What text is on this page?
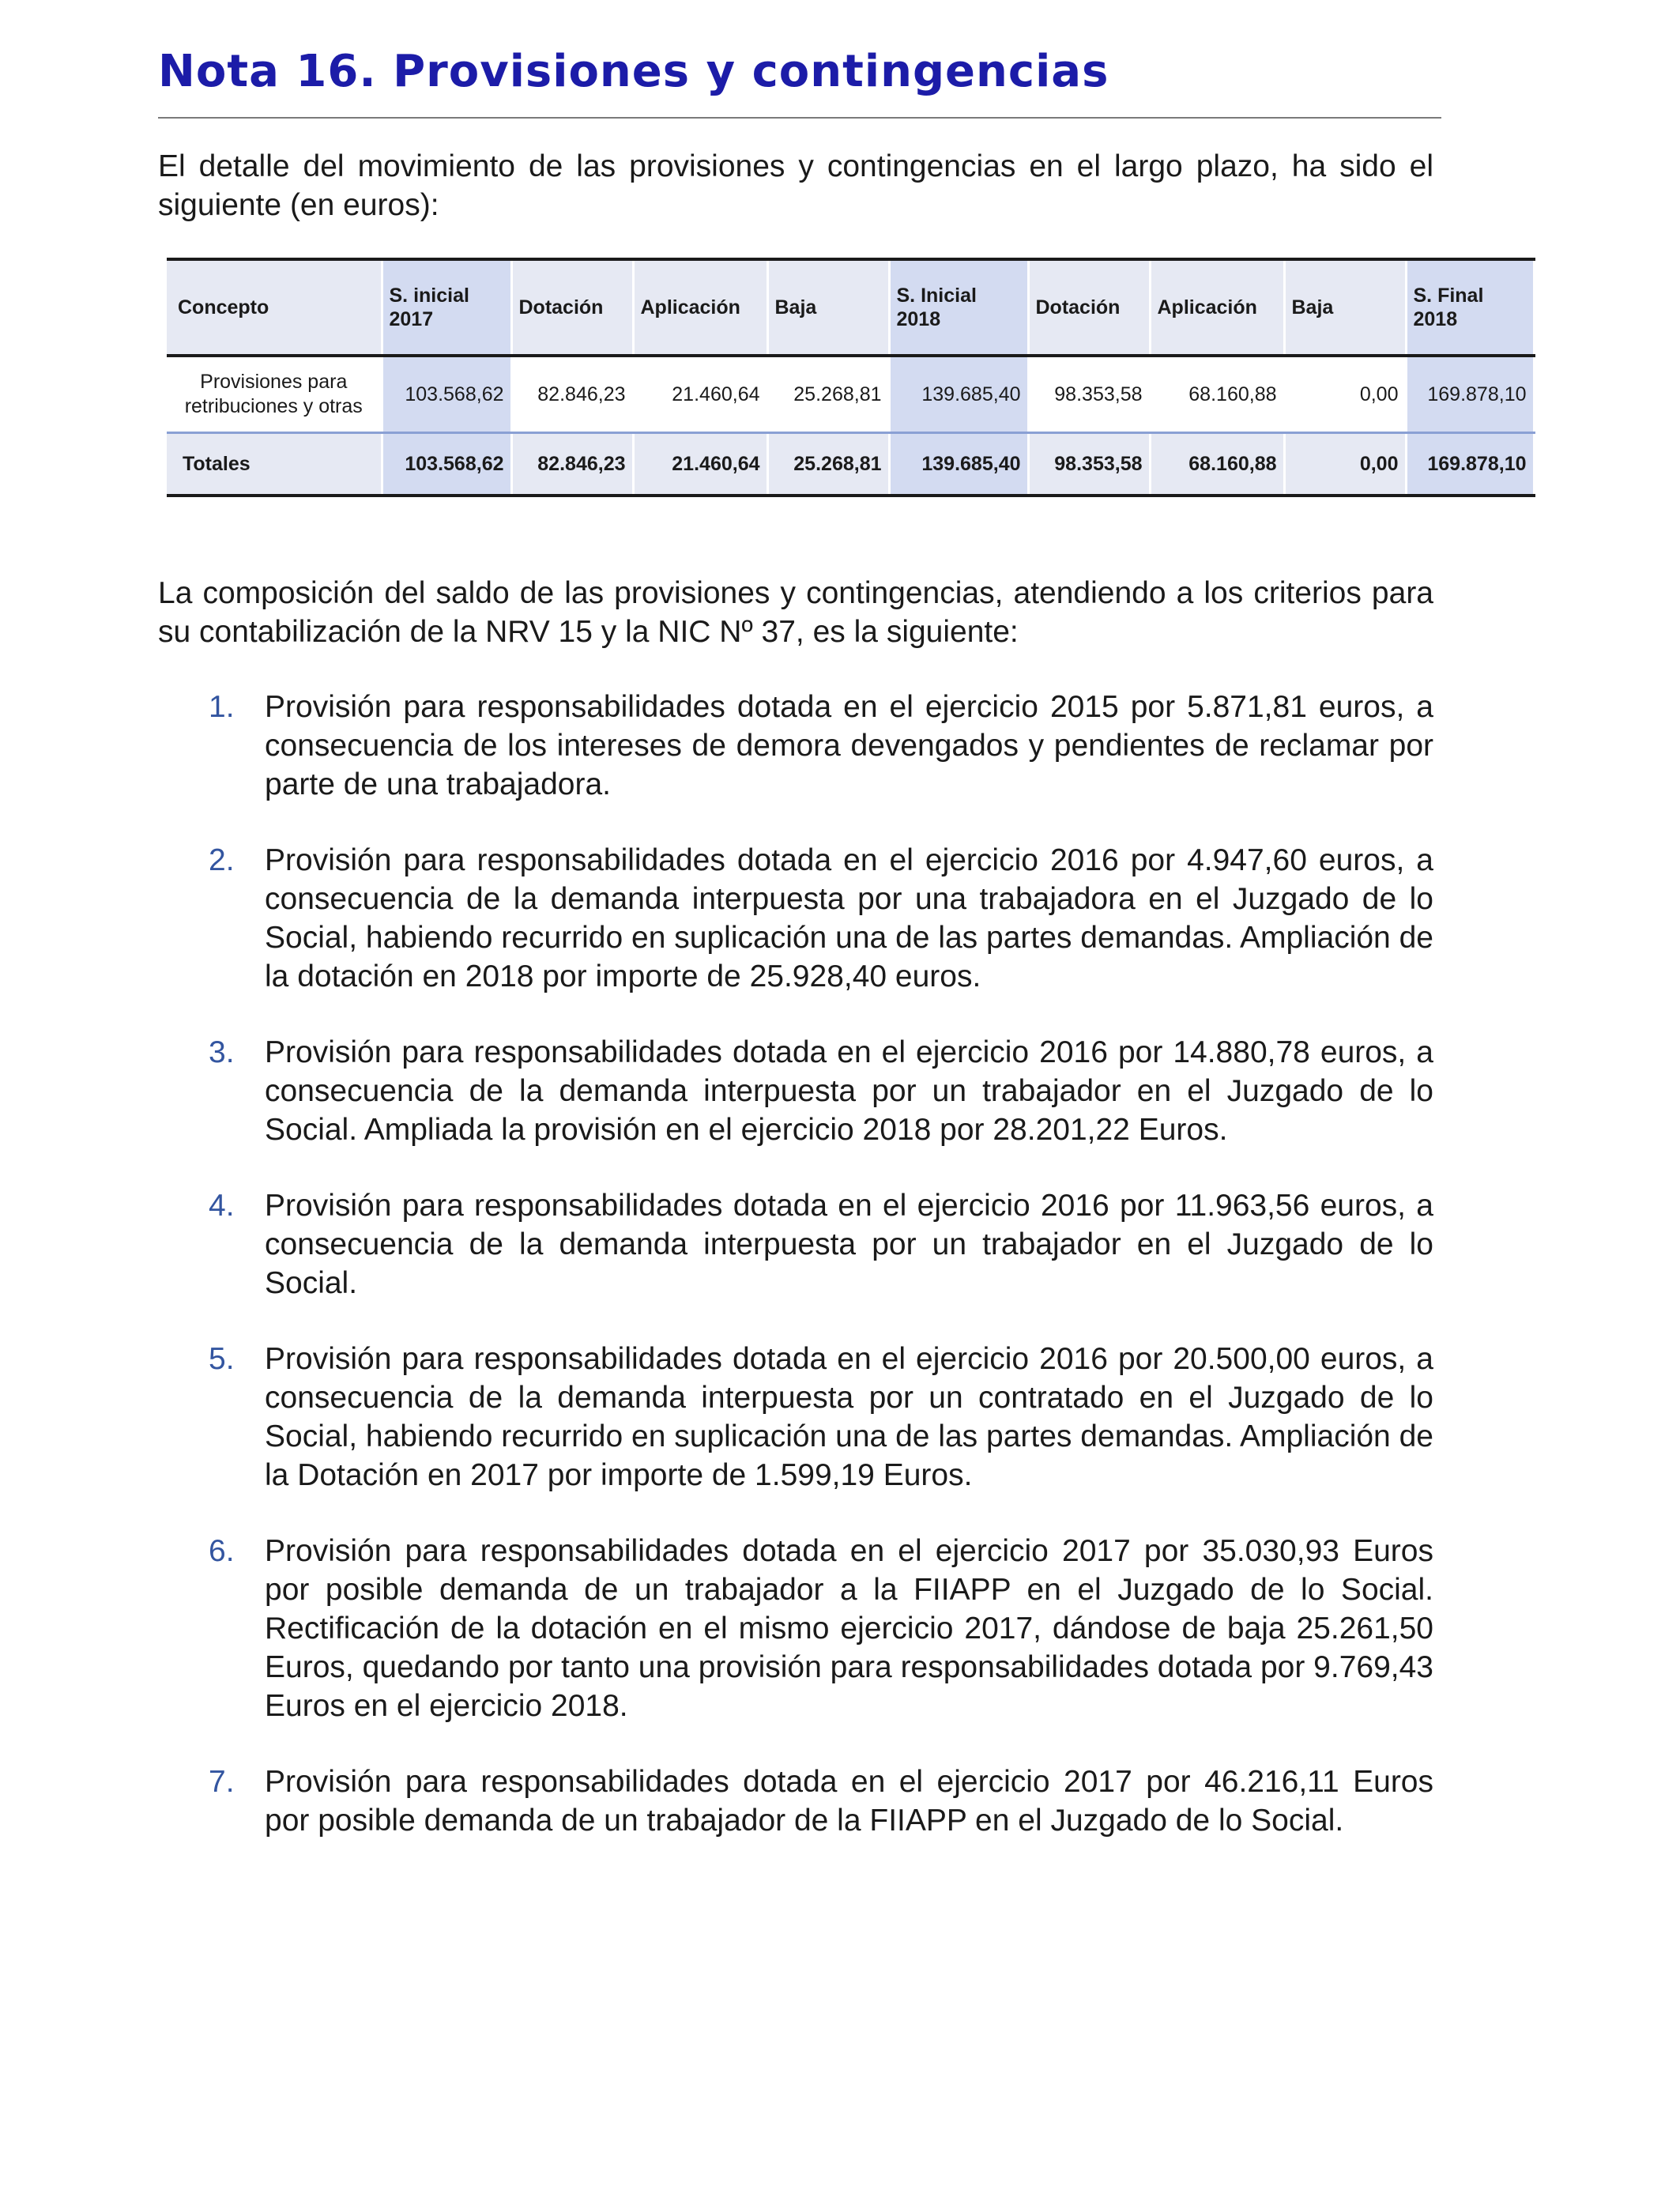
Nota 16. Provisiones y contingencias

El detalle del movimiento de las provisiones y contingencias en el largo plazo, ha sido el siguiente (en euros):

Concepto	S. inicial 2017	Dotación	Aplicación	Baja	S. Inicial 2018	Dotación	Aplicación	Baja	S. Final 2018
Provisiones para retribuciones y otras	103.568,62	82.846,23	21.460,64	25.268,81	139.685,40	98.353,58	68.160,88	0,00	169.878,10
Totales	103.568,62	82.846,23	21.460,64	25.268,81	139.685,40	98.353,58	68.160,88	0,00	169.878,10

La composición del saldo de las provisiones y contingencias, atendiendo a los criterios para su contabilización de la NRV 15 y la NIC Nº 37, es la siguiente:

1. Provisión para responsabilidades dotada en el ejercicio 2015 por 5.871,81 euros, a consecuencia de los intereses de demora devengados y pendientes de reclamar por parte de una trabajadora.
2. Provisión para responsabilidades dotada en el ejercicio 2016 por 4.947,60 euros, a consecuencia de la demanda interpuesta por una trabajadora en el Juzgado de lo Social, habiendo recurrido en suplicación una de las partes demandas. Ampliación de la dotación en 2018 por importe de 25.928,40 euros.
3. Provisión para responsabilidades dotada en el ejercicio 2016 por 14.880,78 euros, a consecuencia de la demanda interpuesta por un trabajador en el Juzgado de lo Social. Ampliada la provisión en el ejercicio 2018 por 28.201,22 Euros.
4. Provisión para responsabilidades dotada en el ejercicio 2016 por 11.963,56 euros, a consecuencia de la demanda interpuesta por un trabajador en el Juzgado de lo Social.
5. Provisión para responsabilidades dotada en el ejercicio 2016 por 20.500,00 euros, a consecuencia de la demanda interpuesta por un contratado en el Juzgado de lo Social, habiendo recurrido en suplicación una de las partes demandas. Ampliación de la Dotación en 2017 por importe de 1.599,19 Euros.
6. Provisión para responsabilidades dotada en el ejercicio 2017 por 35.030,93 Euros por posible demanda de un trabajador a la FIIAPP en el Juzgado de lo Social. Rectificación de la dotación en el mismo ejercicio 2017, dándose de baja 25.261,50 Euros, quedando por tanto una provisión para responsabilidades dotada por 9.769,43 Euros en el ejercicio 2018.
7. Provisión para responsabilidades dotada en el ejercicio 2017 por 46.216,11 Euros por posible demanda de un trabajador de la FIIAPP en el Juzgado de lo Social.
